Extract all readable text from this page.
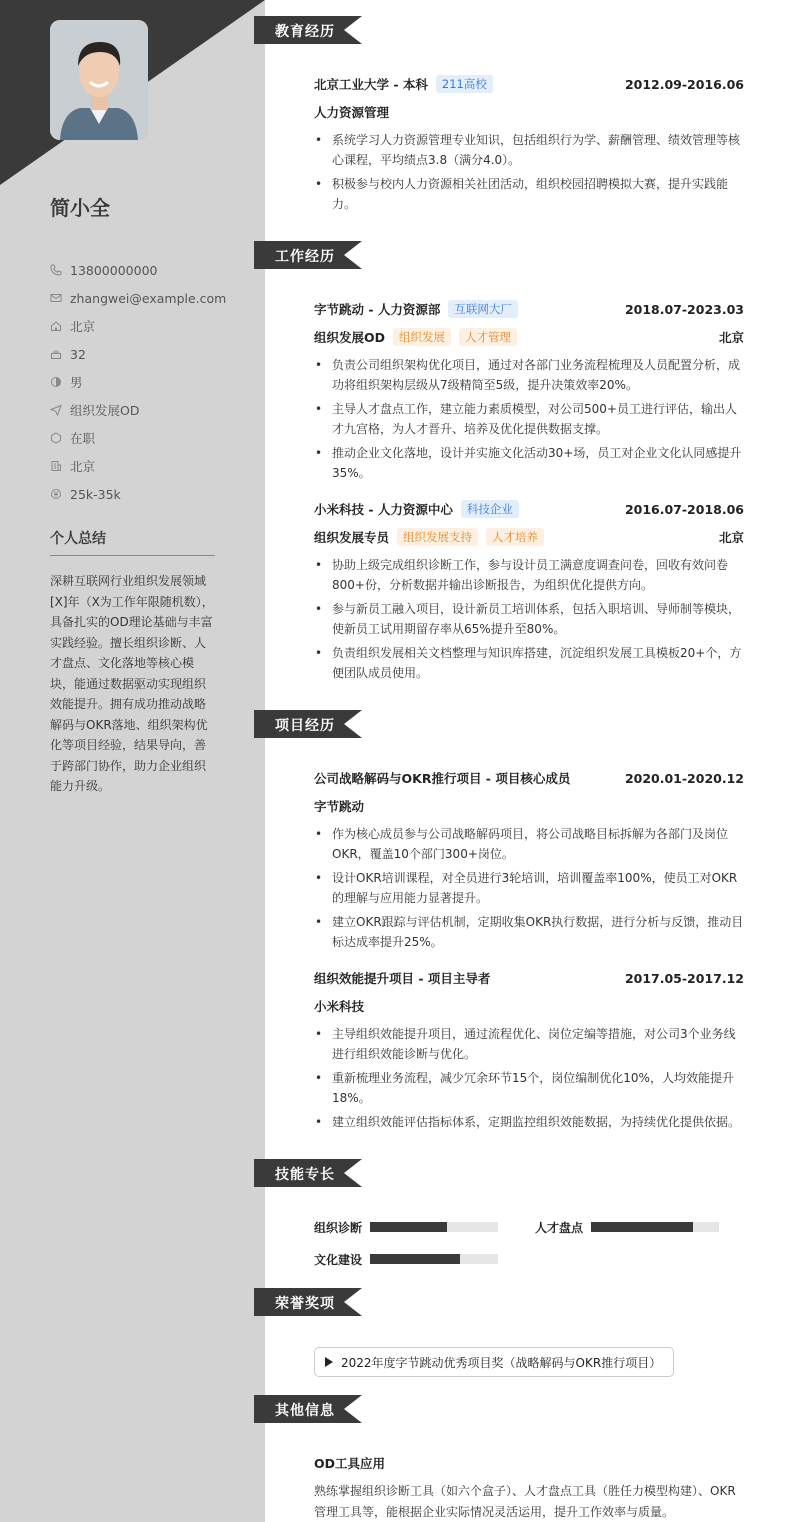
简小全
13800000000
zhangwei@example.com
北京
32
男
组织发展OD
在职
北京
25k-35k
个人总结
深耕互联网行业组织发展领域[X]年（X为工作年限随机数），具备扎实的OD理论基础与丰富实践经验。擅长组织诊断、人才盘点、文化落地等核心模块，能通过数据驱动实现组织效能提升。拥有成功推动战略解码与OKR落地、组织架构优化等项目经验，结果导向，善于跨部门协作，助力企业组织能力升级。
教育经历
北京工业大学 - 本科	211高校	2012.09-2016.06
人力资源管理
• 系统学习人力资源管理专业知识，包括组织行为学、薪酬管理、绩效管理等核心课程，平均绩点3.8（满分4.0）。
• 积极参与校内人力资源相关社团活动，组织校园招聘模拟大赛，提升实践能力。
工作经历
字节跳动 - 人力资源部	互联网大厂	2018.07-2023.03
组织发展OD	组织发展	人才管理	北京
• 负责公司组织架构优化项目，通过对各部门业务流程梳理及人员配置分析，成功将组织架构层级从7级精简至5级，提升决策效率20%。
• 主导人才盘点工作，建立能力素质模型，对公司500+员工进行评估，输出人才九宫格，为人才晋升、培养及优化提供数据支撑。
• 推动企业文化落地，设计并实施文化活动30+场，员工对企业文化认同感提升35%。
小米科技 - 人力资源中心	科技企业	2016.07-2018.06
组织发展专员	组织发展支持	人才培养	北京
• 协助上级完成组织诊断工作，参与设计员工满意度调查问卷，回收有效问卷800+份，分析数据并输出诊断报告，为组织优化提供方向。
• 参与新员工融入项目，设计新员工培训体系，包括入职培训、导师制等模块，使新员工试用期留存率从65%提升至80%。
• 负责组织发展相关文档整理与知识库搭建，沉淀组织发展工具模板20+个，方便团队成员使用。
项目经历
公司战略解码与OKR推行项目 - 项目核心成员	2020.01-2020.12
字节跳动
• 作为核心成员参与公司战略解码项目，将公司战略目标拆解为各部门及岗位OKR，覆盖10个部门300+岗位。
• 设计OKR培训课程，对全员进行3轮培训，培训覆盖率100%，使员工对OKR的理解与应用能力显著提升。
• 建立OKR跟踪与评估机制，定期收集OKR执行数据，进行分析与反馈，推动目标达成率提升25%。
组织效能提升项目 - 项目主导者	2017.05-2017.12
小米科技
• 主导组织效能提升项目，通过流程优化、岗位定编等措施，对公司3个业务线进行组织效能诊断与优化。
• 重新梳理业务流程，减少冗余环节15个，岗位编制优化10%，人均效能提升18%。
• 建立组织效能评估指标体系，定期监控组织效能数据，为持续优化提供依据。
技能专长
组织诊断	人才盘点
文化建设
荣誉奖项
2022年度字节跳动优秀项目奖（战略解码与OKR推行项目）
其他信息
OD工具应用
熟练掌握组织诊断工具（如六个盒子）、人才盘点工具（胜任力模型构建）、OKR管理工具等，能根据企业实际情况灵活运用，提升工作效率与质量。
